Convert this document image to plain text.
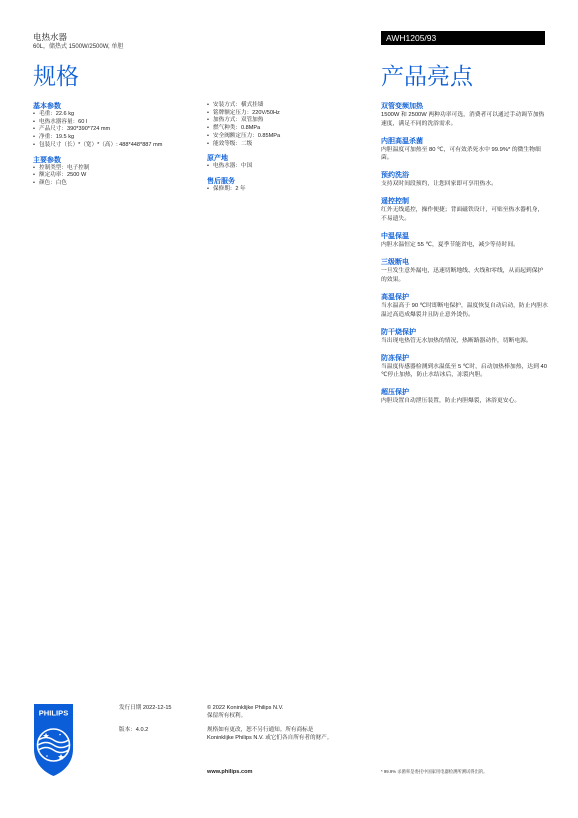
电热水器
60L，储热式 1500W/2500W, 单胆
AWH1205/93
规格	产品亮点
基本参数
• 毛重：22.6 kg
• 电热水器容量：60 l
• 产品尺寸：390*390*724 mm
• 净重：19.5 kg
• 包装尺寸（长）*（宽）*（高）: 488*448*887 mm
主要参数
• 控制类型：电子控制
• 额定功率：2500 W
• 颜色：白色
• 安装方式：横式挂墙
• 铭牌额定压力：220V/50Hz
• 加热方式：双管加热
• 燃气种类：0.8MPa
• 安全阀额定压力：0.85MPa
• 能效等级：二级
原产地
• 电热水器：中国
售后服务
• 保修期：2 年
双管变频加热
1500W 和 2500W 两种功率可选，消费者可以通过手动调节加热速度，满足不同的洗浴需求。
内胆高温杀菌
内胆温度可加热至 80 ℃，可有效杀死水中 99.9%* 的微生物细菌。
预约洗浴
支持双时间段预约，让您回家即可享用热水。
遥控控制
红外无线遥控，操作便捷；背面磁铁设计，可贴至热水器机身，不易遗失。
中温保温
内胆水温恒定 55 ℃，夏季节能省电，减少等待时间。
三级断电
一旦发生意外漏电，迅速切断地线、火线和零线，从而起到保护的效果。
高温保护
当水温高于 90 ℃时即断电保护，温度恢复自动启动，防止内胆水温过高造成爆裂并且防止意外烫伤。
防干烧保护
当出现电热管无水加热的情况，热断路器动作，切断电源。
防冻保护
当温度传感器检测到水温低至 5 ℃时，启动加热棒加热，达到 40 ℃停止加热，防止水结冰后，冻裂内胆。
超压保护
内胆设置自动泄压装置，防止内胆爆裂，沐浴更安心。
PHILIPS
发行日期 2022-12-15
版本：4.0.2
© 2022 Koninklijke Philips N.V.
保留所有权利。
规格如有更改，恕不另行通知。所有商标是
Koninklijke Philips N.V. 或它们各自所有者的财产。
www.philips.com	* 99.9% 杀菌率是委托中国家用电器检测所测试得出的。
